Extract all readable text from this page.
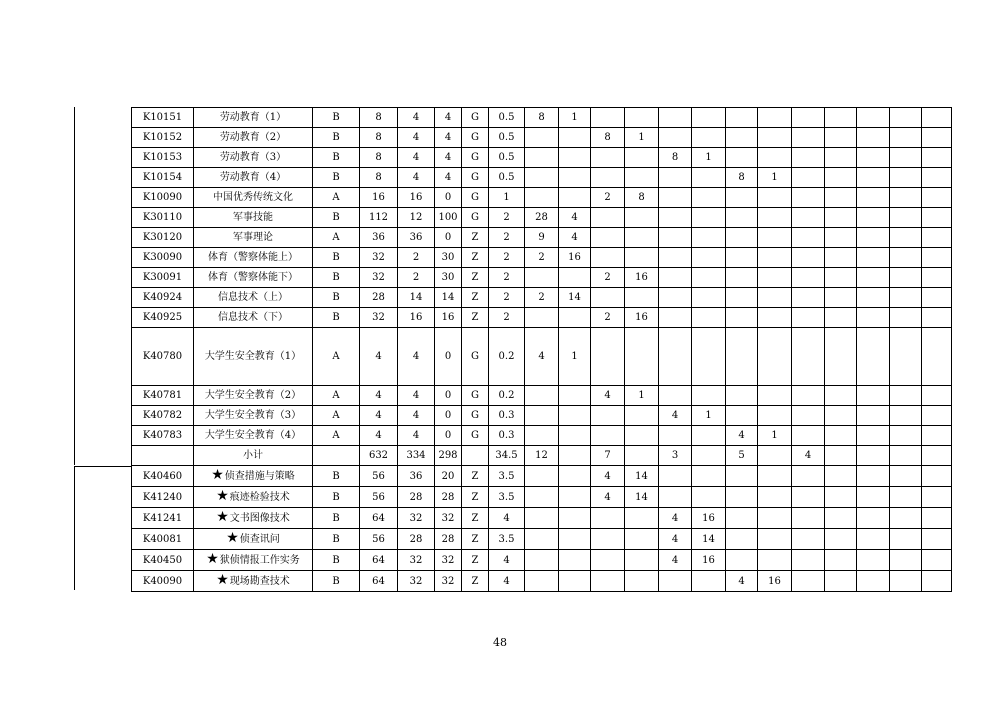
K10151	劳动教育（1）	B	8	4	4	G	0.5	8	1											
K10152	劳动教育（2）	B	8	4	4	G	0.5			8	1									
K10153	劳动教育（3）	B	8	4	4	G	0.5					8	1							
K10154	劳动教育（4）	B	8	4	4	G	0.5							8	1					
K10090	中国优秀传统文化	A	16	16	0	G	1			2	8									
K30110	军事技能	B	112	12	100	G	2	28	4											
K30120	军事理论	A	36	36	0	Z	2	9	4											
K30090	体育（警察体能上）	B	32	2	30	Z	2	2	16											
K30091	体育（警察体能下）	B	32	2	30	Z	2			2	16									
K40924	信息技术（上）	B	28	14	14	Z	2	2	14											
K40925	信息技术（下）	B	32	16	16	Z	2			2	16									
K40780	大学生安全教育（1）	A	4	4	0	G	0.2	4	1											
K40781	大学生安全教育（2）	A	4	4	0	G	0.2			4	1									
K40782	大学生安全教育（3）	A	4	4	0	G	0.3					4	1							
K40783	大学生安全教育（4）	A	4	4	0	G	0.3							4	1					
	小计		632	334	298		34.5	12		7		3		5		4				
K40460	★侦查措施与策略	B	56	36	20	Z	3.5			4	14									
K41240	★痕迹检验技术	B	56	28	28	Z	3.5			4	14									
K41241	★文书图像技术	B	64	32	32	Z	4					4	16							
K40081	★侦查讯问	B	56	28	28	Z	3.5					4	14							
K40450	★狱侦情报工作实务	B	64	32	32	Z	4					4	16							
K40090	★现场勘查技术	B	64	32	32	Z	4							4	16					
48
